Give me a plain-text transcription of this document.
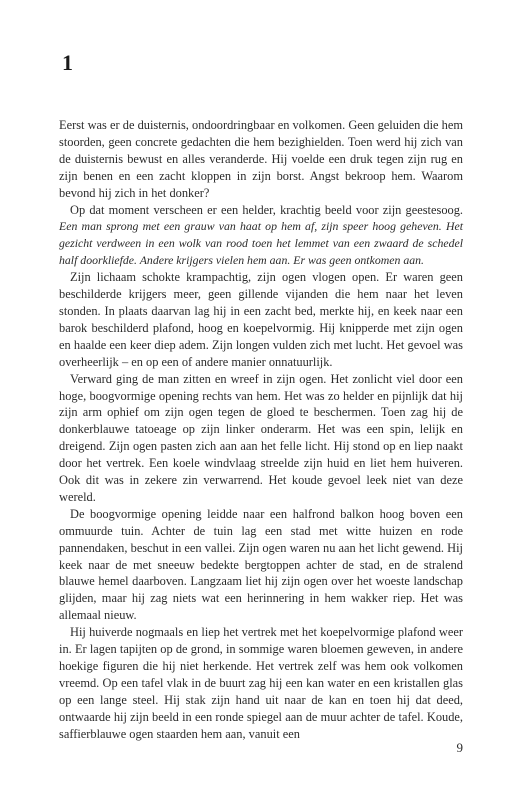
1

Eerst was er de duisternis, ondoordringbaar en volkomen. Geen geluiden die hem stoorden, geen concrete gedachten die hem bezighielden. Toen werd hij zich van de duisternis bewust en alles veranderde. Hij voelde een druk tegen zijn rug en zijn benen en een zacht kloppen in zijn borst. Angst bekroop hem. Waarom bevond hij zich in het donker?

Op dat moment verscheen er een helder, krachtig beeld voor zijn geestesoog. Een man sprong met een grauw van haat op hem af, zijn speer hoog geheven. Het gezicht verdween in een wolk van rood toen het lemmet van een zwaard de schedel half doorkliefde. Andere krijgers vielen hem aan. Er was geen ontkomen aan.

Zijn lichaam schokte krampachtig, zijn ogen vlogen open. Er waren geen beschilderde krijgers meer, geen gillende vijanden die hem naar het leven stonden. In plaats daarvan lag hij in een zacht bed, merkte hij, en keek naar een barok beschilderd plafond, hoog en koepelvormig. Hij knipperde met zijn ogen en haalde een keer diep adem. Zijn longen vulden zich met lucht. Het gevoel was overheerlijk – en op een of andere manier onnatuurlijk.

Verward ging de man zitten en wreef in zijn ogen. Het zonlicht viel door een hoge, boogvormige opening rechts van hem. Het was zo helder en pijnlijk dat hij zijn arm ophief om zijn ogen tegen de gloed te beschermen. Toen zag hij de donkerblauwe tatoeage op zijn linker onderarm. Het was een spin, lelijk en dreigend. Zijn ogen pasten zich aan aan het felle licht. Hij stond op en liep naakt door het vertrek. Een koele windvlaag streelde zijn huid en liet hem huiveren. Ook dit was in zekere zin verwarrend. Het koude gevoel leek niet van deze wereld.

De boogvormige opening leidde naar een halfrond balkon hoog boven een ommuurde tuin. Achter de tuin lag een stad met witte huizen en rode pannendaken, beschut in een vallei. Zijn ogen waren nu aan het licht gewend. Hij keek naar de met sneeuw bedekte bergtoppen achter de stad, en de stralend blauwe hemel daarboven. Langzaam liet hij zijn ogen over het woeste landschap glijden, maar hij zag niets wat een herinnering in hem wakker riep. Het was allemaal nieuw.

Hij huiverde nogmaals en liep het vertrek met het koepelvormige plafond weer in. Er lagen tapijten op de grond, in sommige waren bloemen geweven, in andere hoekige figuren die hij niet herkende. Het vertrek zelf was hem ook volkomen vreemd. Op een tafel vlak in de buurt zag hij een kan water en een kristallen glas op een lange steel. Hij stak zijn hand uit naar de kan en toen hij dat deed, ontwaarde hij zijn beeld in een ronde spiegel aan de muur achter de tafel. Koude, saffierblauwe ogen staarden hem aan, vanuit een

9
